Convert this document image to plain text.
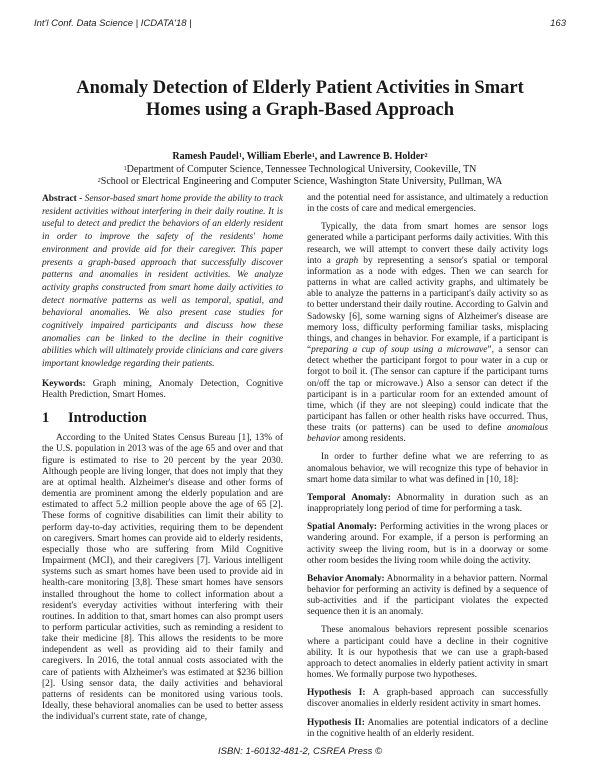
Int'l Conf. Data Science | ICDATA'18 |	163
Anomaly Detection of Elderly Patient Activities in Smart
Homes using a Graph-Based Approach
Ramesh Paudel$^1$, William Eberle$^1$, and Lawrence B. Holder$^2$
$^1$Department of Computer Science, Tennessee Technological University, Cookeville, TN
$^2$School or Electrical Engineering and Computer Science, Washington State University, Pullman, WA

Abstract - Sensor-based smart home provide the ability to track resident activities without interfering in their daily routine. It is useful to detect and predict the behaviors of an elderly resident in order to improve the safety of the residents' home environment and provide aid for their caregiver. This paper presents a graph-based approach that successfully discover patterns and anomalies in resident activities. We analyze activity graphs constructed from smart home daily activities to detect normative patterns as well as temporal, spatial, and behavioral anomalies. We also present case studies for cognitively impaired participants and discuss how these anomalies can be linked to the decline in their cognitive abilities which will ultimately provide clinicians and care givers important knowledge regarding their patients.

Keywords: Graph mining, Anomaly Detection, Cognitive Health Prediction, Smart Homes.

1 Introduction

According to the United States Census Bureau [1], 13% of the U.S. population in 2013 was of the age 65 and over and that figure is estimated to rise to 20 percent by the year 2030. Although people are living longer, that does not imply that they are at optimal health. Alzheimer's disease and other forms of dementia are prominent among the elderly population and are estimated to affect 5.2 million people above the age of 65 [2]. These forms of cognitive disabilities can limit their ability to perform day-to-day activities, requiring them to be dependent on caregivers. Smart homes can provide aid to elderly residents, especially those who are suffering from Mild Cognitive Impairment (MCI), and their caregivers [7]. Various intelligent systems such as smart homes have been used to provide aid in health-care monitoring [3,8]. These smart homes have sensors installed throughout the home to collect information about a resident's everyday activities without interfering with their routines. In addition to that, smart homes can also prompt users to perform particular activities, such as reminding a resident to take their medicine [8]. This allows the residents to be more independent as well as providing aid to their family and caregivers. In 2016, the total annual costs associated with the care of patients with Alzheimer's was estimated at $236 billion [2]. Using sensor data, the daily activities and behavioral patterns of residents can be monitored using various tools. Ideally, these behavioral anomalies can be used to better assess the individual's current state, rate of change,

and the potential need for assistance, and ultimately a reduction in the costs of care and medical emergencies.

Typically, the data from smart homes are sensor logs generated while a participant performs daily activities. With this research, we will attempt to convert these daily activity logs into a graph by representing a sensor's spatial or temporal information as a node with edges. Then we can search for patterns in what are called activity graphs, and ultimately be able to analyze the patterns in a participant's daily activity so as to better understand their daily routine. According to Galvin and Sadowsky [6], some warning signs of Alzheimer's disease are memory loss, difficulty performing familiar tasks, misplacing things, and changes in behavior. For example, if a participant is “preparing a cup of soup using a microwave”, a sensor can detect whether the participant forgot to pour water in a cup or forgot to boil it. (The sensor can capture if the participant turns on/off the tap or microwave.) Also a sensor can detect if the participant is in a particular room for an extended amount of time, which (if they are not sleeping) could indicate that the participant has fallen or other health risks have occurred. Thus, these traits (or patterns) can be used to define anomalous behavior among residents.

In order to further define what we are referring to as anomalous behavior, we will recognize this type of behavior in smart home data similar to what was defined in [10, 18]:

Temporal Anomaly: Abnormality in duration such as an inappropriately long period of time for performing a task.

Spatial Anomaly: Performing activities in the wrong places or wandering around. For example, if a person is performing an activity sweep the living room, but is in a doorway or some other room besides the living room while doing the activity.

Behavior Anomaly: Abnormality in a behavior pattern. Normal behavior for performing an activity is defined by a sequence of sub-activities and if the participant violates the expected sequence then it is an anomaly.

These anomalous behaviors represent possible scenarios where a participant could have a decline in their cognitive ability. It is our hypothesis that we can use a graph-based approach to detect anomalies in elderly patient activity in smart homes. We formally purpose two hypotheses.

Hypothesis I: A graph-based approach can successfully discover anomalies in elderly resident activity in smart homes.

Hypothesis II: Anomalies are potential indicators of a decline in the cognitive health of an elderly resident.

ISBN: 1-60132-481-2, CSREA Press ©
